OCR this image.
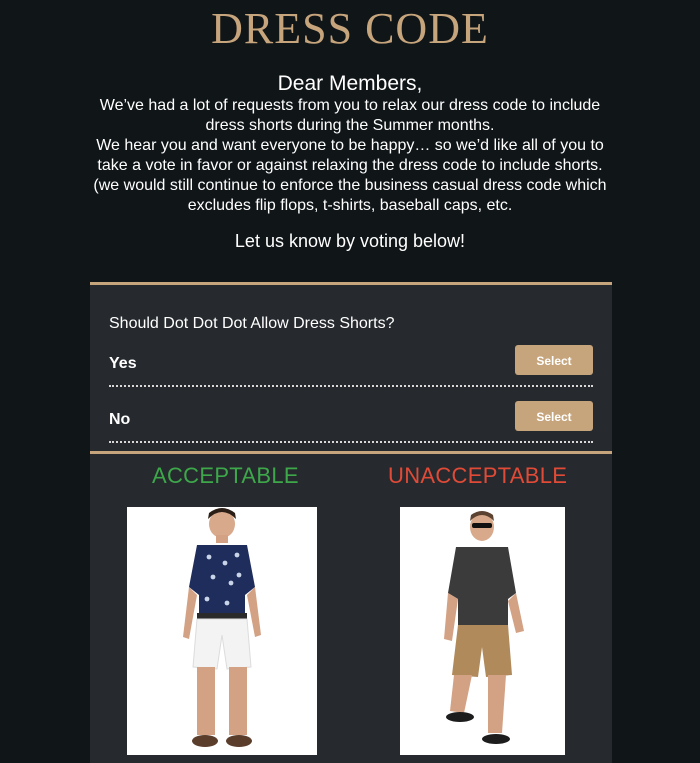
DRESS CODE
Dear Members,
We’ve had a lot of requests from you to relax our dress code to include dress shorts during the Summer months.
We hear you and want everyone to be happy… so we’d like all of you to take a vote in favor or against relaxing the dress code to include shorts. (we would still continue to enforce the business casual dress code which excludes flip flops, t-shirts, baseball caps, etc.
Let us know by voting below!
Should Dot Dot Dot Allow Dress Shorts?
Yes	Select
No	Select
ACCEPTABLE	UNACCEPTABLE
